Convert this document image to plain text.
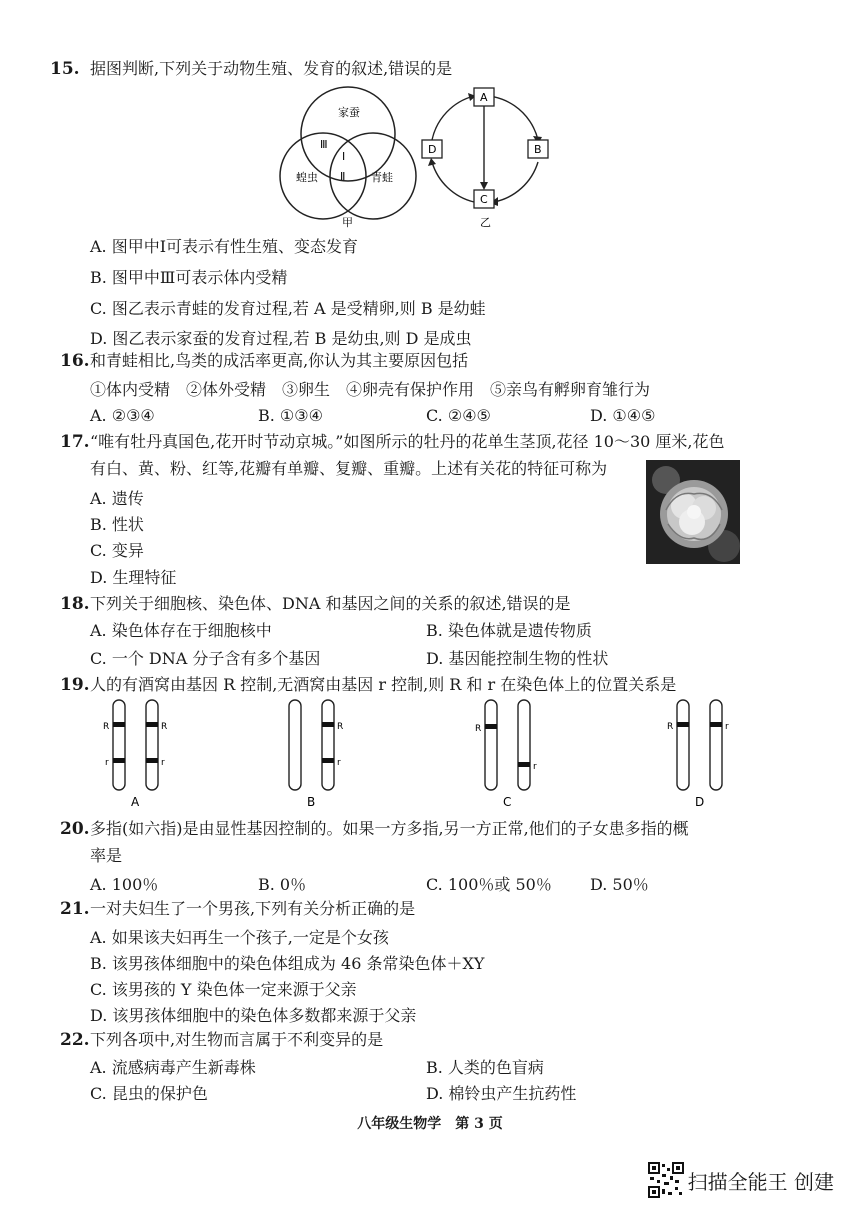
15. 据图判断,下列关于动物生殖、发育的叙述,错误的是
家蚕
蝗虫	青蛙
Ⅰ
Ⅱ
Ⅲ
甲
A
B
C
D
乙
A. 图甲中Ⅰ可表示有性生殖、变态发育
B. 图甲中Ⅲ可表示体内受精
C. 图乙表示青蛙的发育过程,若 A 是受精卵,则 B 是幼蛙
D. 图乙表示家蚕的发育过程,若 B 是幼虫,则 D 是成虫
16. 和青蛙相比,鸟类的成活率更高,你认为其主要原因包括
①体内受精　②体外受精　③卵生　④卵壳有保护作用　⑤亲鸟有孵卵育雏行为
A. ②③④	B. ①③④	C. ②④⑤	D. ①④⑤
17. “唯有牡丹真国色,花开时节动京城。”如图所示的牡丹的花单生茎顶,花径 10～30 厘米,花色
有白、黄、粉、红等,花瓣有单瓣、复瓣、重瓣。上述有关花的特征可称为
A. 遗传
B. 性状
C. 变异
D. 生理特征
18. 下列关于细胞核、染色体、DNA 和基因之间的关系的叙述,错误的是
A. 染色体存在于细胞核中	B. 染色体就是遗传物质
C. 一个 DNA 分子含有多个基因	D. 基因能控制生物的性状
19. 人的有酒窝由基因 R 控制,无酒窝由基因 r 控制,则 R 和 r 在染色体上的位置关系是
R	R
r	r
A
R
r
B
R
r
C
R	r
D
20. 多指(如六指)是由显性基因控制的。如果一方多指,另一方正常,他们的子女患多指的概
率是
A. 100％	B. 0％	C. 100％或 50％ D. 50％
21. 一对夫妇生了一个男孩,下列有关分析正确的是
A. 如果该夫妇再生一个孩子,一定是个女孩
B. 该男孩体细胞中的染色体组成为 46 条常染色体＋XY
C. 该男孩的 Y 染色体一定来源于父亲
D. 该男孩体细胞中的染色体多数都来源于父亲
22. 下列各项中,对生物而言属于不利变异的是
A. 流感病毒产生新毒株	B. 人类的色盲病
C. 昆虫的保护色	D. 棉铃虫产生抗药性
八年级生物学　第 3 页
扫描全能王 创建
